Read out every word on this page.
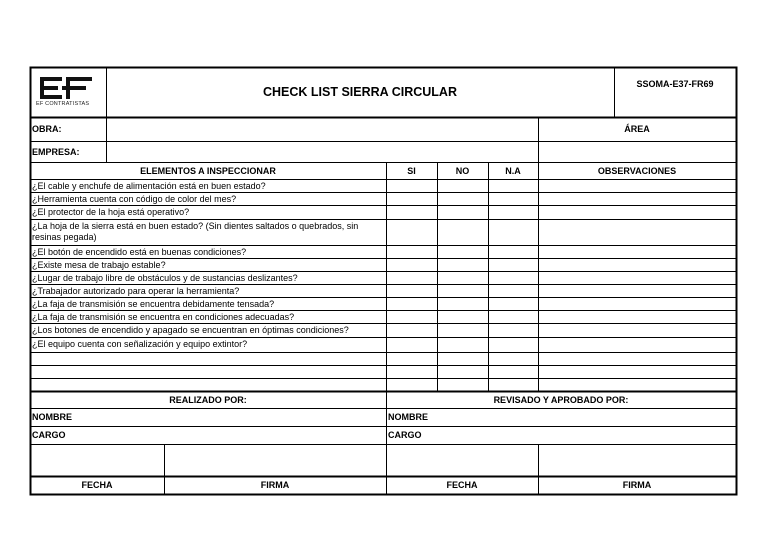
EF CONTRATISTAS
CHECK LIST SIERRA CIRCULAR
SSOMA-E37-FR69
OBRA:	ÁREA
EMPRESA:
ELEMENTOS A INSPECCIONAR	SI	NO	N.A	OBSERVACIONES
¿El cable y enchufe de alimentación está en buen estado?
¿Herramienta cuenta con código de color del mes?
¿El protector de la hoja está operativo?
¿La hoja de la sierra está en buen estado? (Sin dientes saltados o quebrados, sin resinas pegada)
¿El botón de encendido está en buenas condiciones?
¿Existe mesa de trabajo estable?
¿Lugar de trabajo libre de obstáculos y de sustancias deslizantes?
¿Trabajador autorizado para operar la herramienta?
¿La faja de transmisión se encuentra debidamente tensada?
¿La faja de transmisión se encuentra en condiciones adecuadas?
¿Los botones de encendido y apagado se encuentran en óptimas condiciones?
¿El equipo cuenta con señalización y equipo extintor?
REALIZADO POR:	REVISADO Y APROBADO POR:
NOMBRE	NOMBRE
CARGO	CARGO
FECHA	FIRMA	FECHA	FIRMA
